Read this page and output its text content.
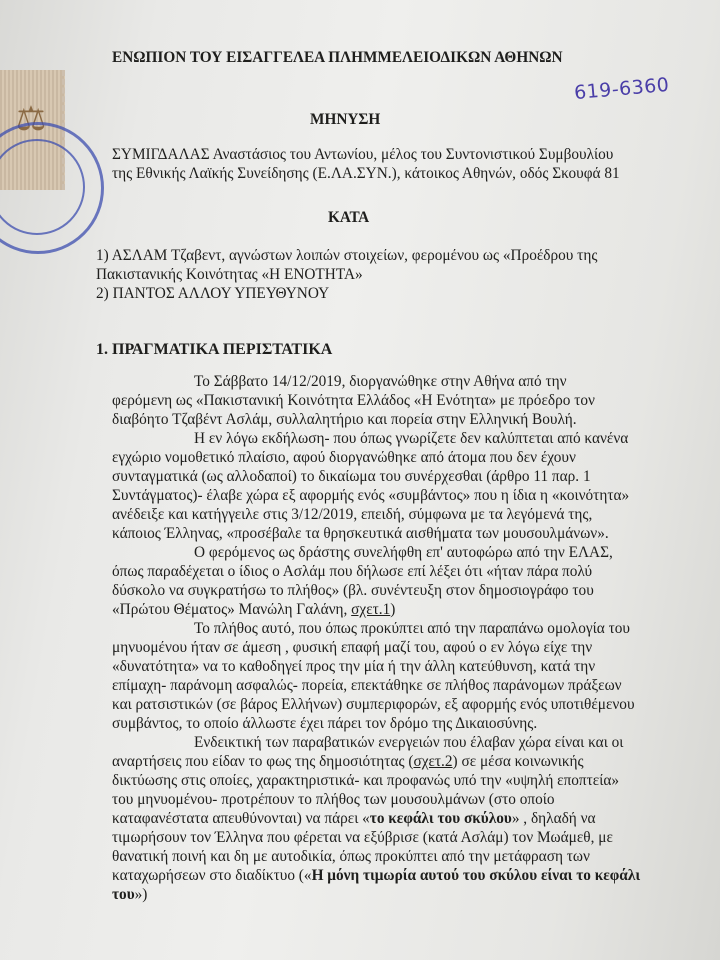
⚖
ΕΝΩΠΙΟΝ ΤΟΥ ΕΙΣΑΓΓΕΛΕΑ ΠΛΗΜΜΕΛΕΙΟΔΙΚΩΝ ΑΘΗΝΩΝ
619-6360
ΜΗΝΥΣΗ
ΣΥΜΙΓΔΑΛΑΣ Αναστάσιος του Αντωνίου, μέλος του Συντονιστικού Συμβουλίου
της Εθνικής Λαϊκής Συνείδησης (Ε.ΛΑ.ΣΥΝ.), κάτοικος Αθηνών, οδός Σκουφά 81
ΚΑΤΑ
1) ΑΣΛΑΜ Τζαβεντ, αγνώστων λοιπών στοιχείων, φερομένου ως «Προέδρου της
Πακιστανικής Κοινότητας «Η ΕΝΟΤΗΤΑ»
2) ΠΑΝΤΟΣ ΑΛΛΟΥ ΥΠΕΥΘΥΝΟΥ
1. ΠΡΑΓΜΑΤΙΚΑ ΠΕΡΙΣΤΑΤΙΚΑ
Το Σάββατο 14/12/2019, διοργανώθηκε στην Αθήνα από την
φερόμενη ως «Πακιστανική Κοινότητα Ελλάδος «Η Ενότητα» με πρόεδρο τον
διαβόητο Τζαβέντ Ασλάμ, συλλαλητήριο και πορεία στην Ελληνική Βουλή.
Η εν λόγω εκδήλωση- που όπως γνωρίζετε δεν καλύπτεται από κανένα
εγχώριο νομοθετικό πλαίσιο, αφού διοργανώθηκε από άτομα που δεν έχουν
συνταγματικά (ως αλλοδαποί) το δικαίωμα του συνέρχεσθαι (άρθρο 11 παρ. 1
Συντάγματος)- έλαβε χώρα εξ αφορμής ενός «συμβάντος» που η ίδια η «κοινότητα»
ανέδειξε και κατήγγειλε στις 3/12/2019, επειδή, σύμφωνα με τα λεγόμενά της,
κάποιος Έλληνας, «προσέβαλε τα θρησκευτικά αισθήματα των μουσουλμάνων».
Ο φερόμενος ως δράστης συνελήφθη επ' αυτοφώρω από την ΕΛΑΣ,
όπως παραδέχεται ο ίδιος ο Ασλάμ που δήλωσε επί λέξει ότι «ήταν πάρα πολύ
δύσκολο να συγκρατήσω το πλήθος» (βλ. συνέντευξη στον δημοσιογράφο του
«Πρώτου Θέματος» Μανώλη Γαλάνη, σχετ.1)
Το πλήθος αυτό, που όπως προκύπτει από την παραπάνω ομολογία του
μηνυομένου ήταν σε άμεση , φυσική επαφή μαζί του, αφού ο εν λόγω είχε την
«δυνατότητα» να το καθοδηγεί προς την μία ή την άλλη κατεύθυνση, κατά την
επίμαχη- παράνομη ασφαλώς- πορεία, επεκτάθηκε σε πλήθος παράνομων πράξεων
και ρατσιστικών (σε βάρος Ελλήνων) συμπεριφορών, εξ αφορμής ενός υποτιθέμενου
συμβάντος, το οποίο άλλωστε έχει πάρει τον δρόμο της Δικαιοσύνης.
Ενδεικτική των παραβατικών ενεργειών που έλαβαν χώρα είναι και οι
αναρτήσεις που είδαν το φως της δημοσιότητας (σχετ.2) σε μέσα κοινωνικής
δικτύωσης στις οποίες, χαρακτηριστικά- και προφανώς υπό την «υψηλή εποπτεία»
του μηνυομένου- προτρέπουν το πλήθος των μουσουλμάνων (στο οποίο
καταφανέστατα απευθύνονται) να πάρει «το κεφάλι του σκύλου» , δηλαδή να
τιμωρήσουν τον Έλληνα που φέρεται να εξύβρισε (κατά Ασλάμ) τον Μωάμεθ, με
θανατική ποινή και δη με αυτοδικία, όπως προκύπτει από την μετάφραση των
καταχωρήσεων στο διαδίκτυο («Η μόνη τιμωρία αυτού του σκύλου είναι το κεφάλι
του»)
